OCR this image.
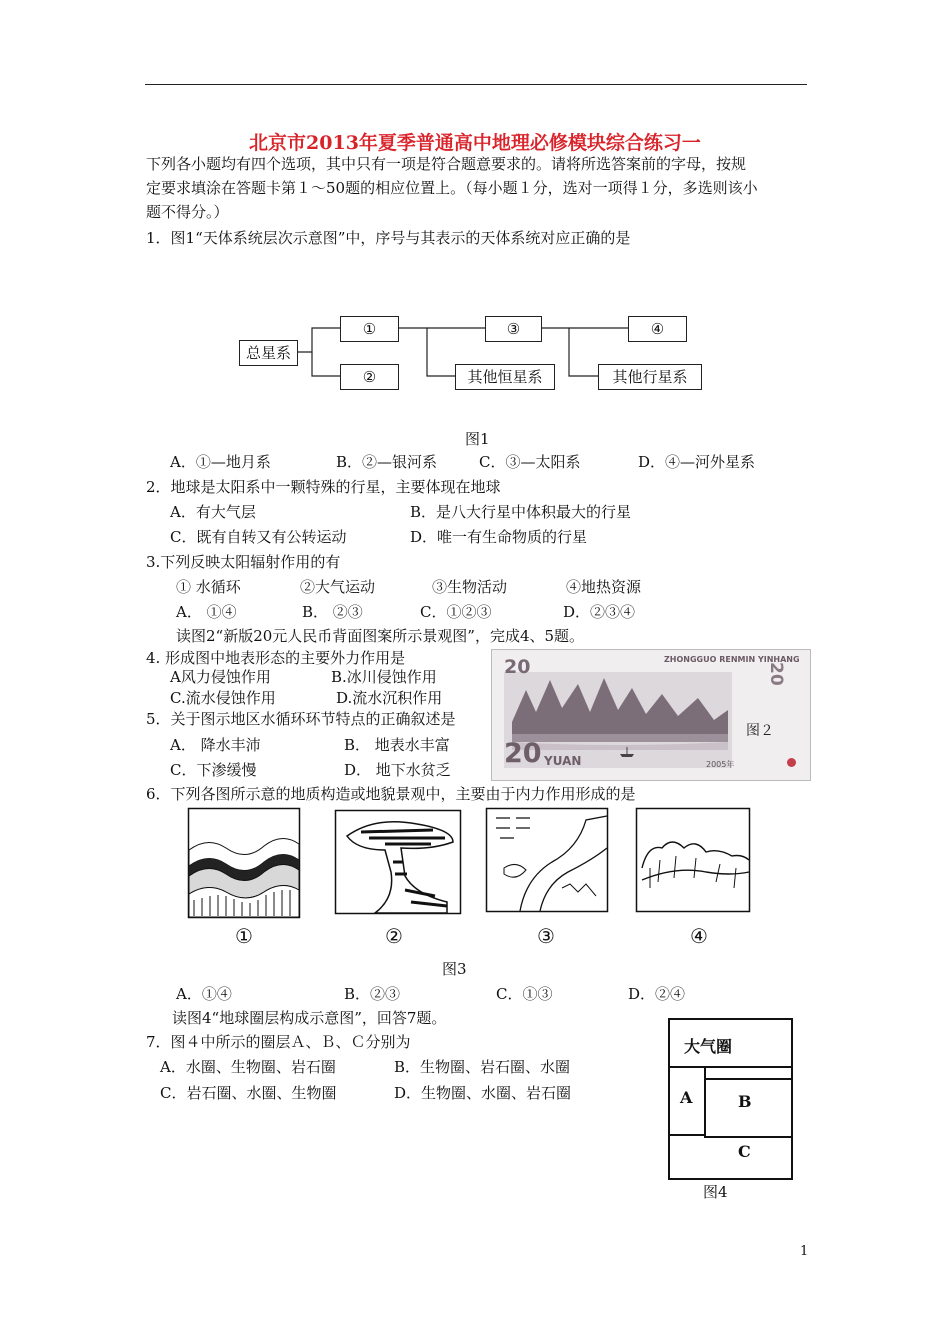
北京市2013年夏季普通高中地理必修模块综合练习一
下列各小题均有四个选项，其中只有一项是符合题意要求的。请将所选答案前的字母，按规
定要求填涂在答题卡第１～50题的相应位置上。（每小题１分，选对一项得１分，多选则该小
题不得分。）
1．图1“天体系统层次示意图”中，序号与其表示的天体系统对应正确的是
总星系
①
②
③
其他恒星系
④
其他行星系
图1
A．①—地月系	B．②—银河系	C．③—太阳系	D．④—河外星系
2．地球是太阳系中一颗特殊的行星，主要体现在地球
A．有大气层	B．是八大行星中体积最大的行星
C．既有自转又有公转运动	D．唯一有生命物质的行星
3.下列反映太阳辐射作用的有
① 水循环	②大气运动	③生物活动	④地热资源
A． ①④	B． ②③	C．①②③	D．②③④
读图2“新版20元人民币背面图案所示景观图”，完成4、5题。
4. 形成图中地表形态的主要外力作用是
A风力侵蚀作用	B.冰川侵蚀作用
C.流水侵蚀作用	D.流水沉积作用
5．关于图示地区水循环环节特点的正确叙述是
A． 降水丰沛	B． 地表水丰富
C．下渗缓慢	D． 地下水贫乏
20	ZHONGGUO RENMIN YINHANG
20
20 YUAN	2005年
图２
6．下列各图所示意的地质构造或地貌景观中，主要由于内力作用形成的是
①	②	③	④
图3
A．①④	B．②③	C．①③	D．②④
读图4“地球圈层构成示意图”，回答7题。
7．图４中所示的圈层Ａ、Ｂ、Ｃ分别为
A．水圈、生物圈、岩石圈	B．生物圈、岩石圈、水圈
C．岩石圈、水圈、生物圈	D．生物圈、水圈、岩石圈
大气圈
A	B
C
图4
1
